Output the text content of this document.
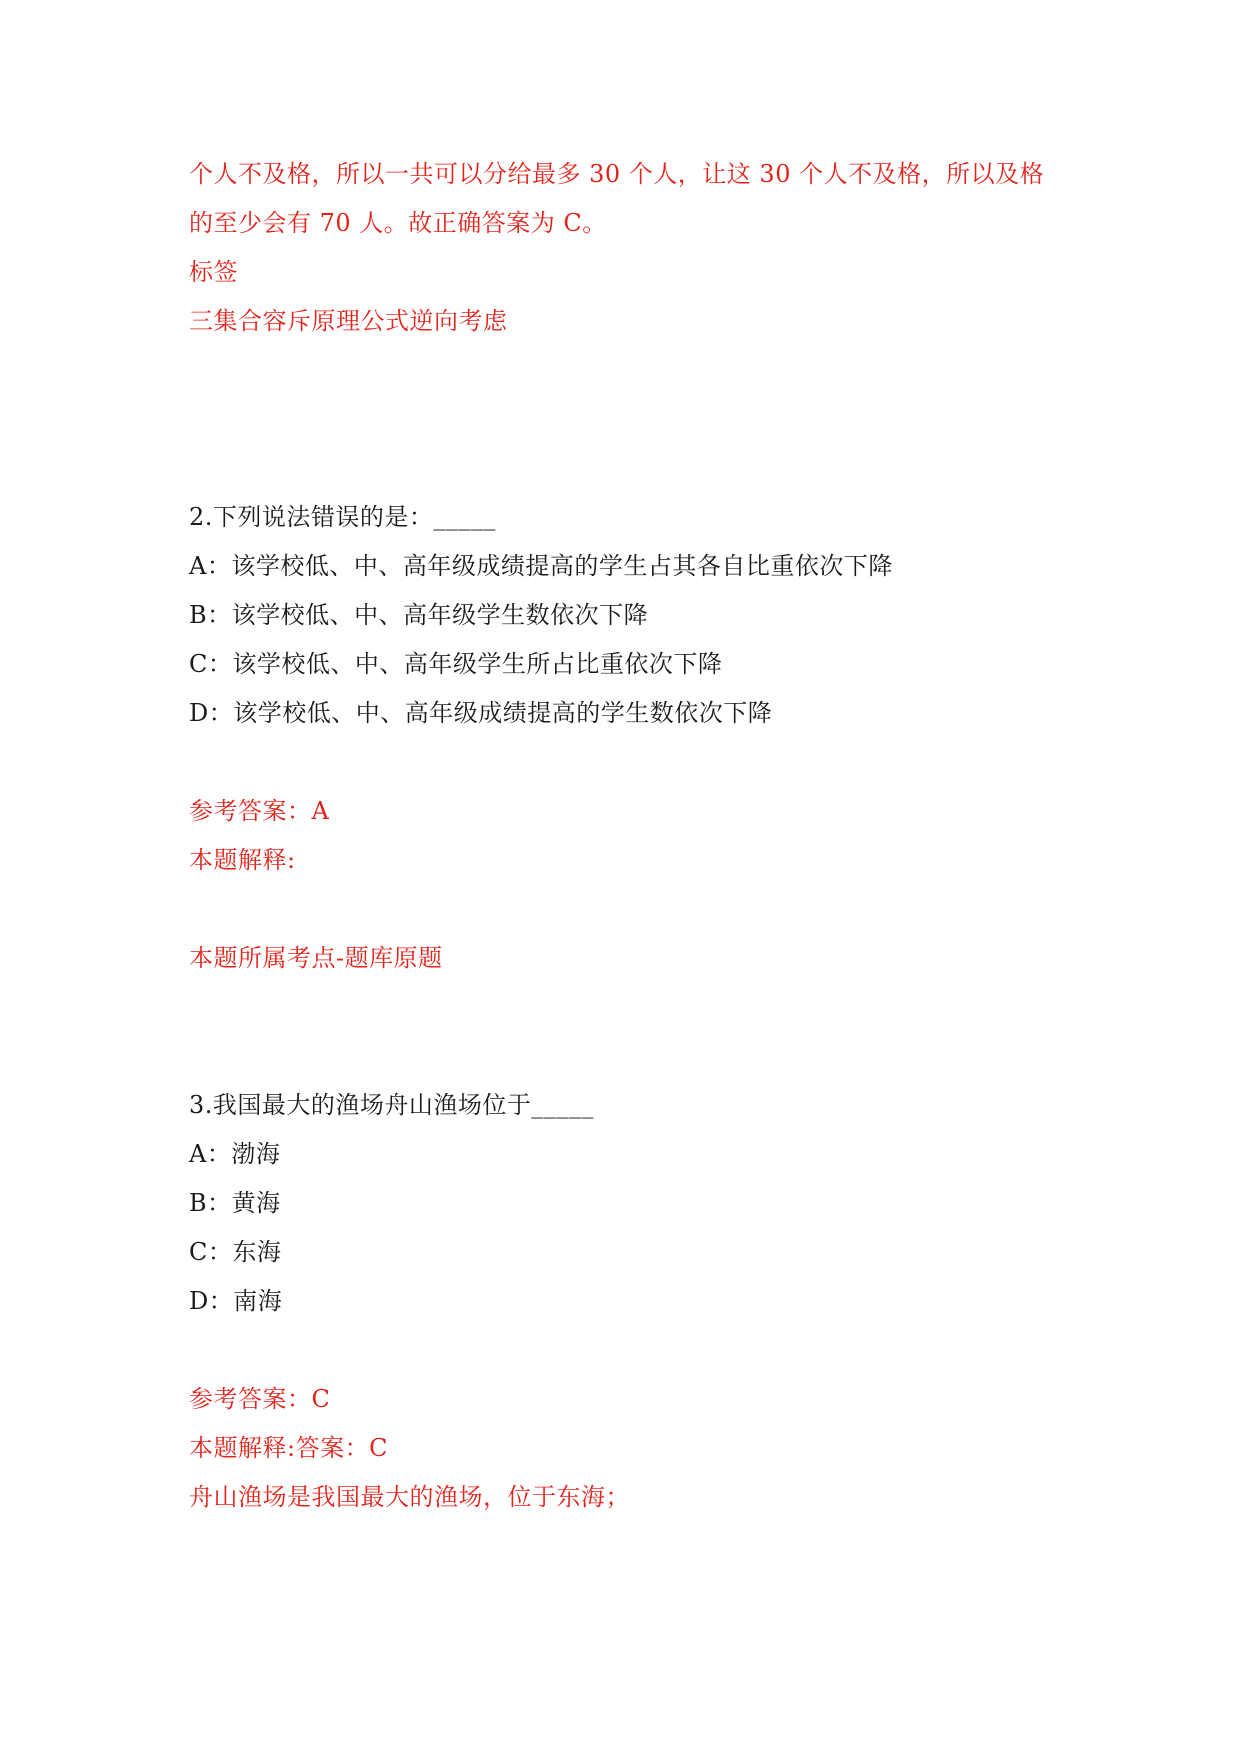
个人不及格，所以一共可以分给最多 30 个人，让这 30 个人不及格，所以及格
的至少会有 70 人。故正确答案为 C。
标签
三集合容斥原理公式逆向考虑
2.下列说法错误的是：_____
A：该学校低、中、高年级成绩提高的学生占其各自比重依次下降
B：该学校低、中、高年级学生数依次下降
C：该学校低、中、高年级学生所占比重依次下降
D：该学校低、中、高年级成绩提高的学生数依次下降
参考答案：A
本题解释:
本题所属考点-题库原题
3.我国最大的渔场舟山渔场位于_____
A：渤海
B：黄海
C：东海
D：南海
参考答案：C
本题解释:答案：C
舟山渔场是我国最大的渔场，位于东海；
